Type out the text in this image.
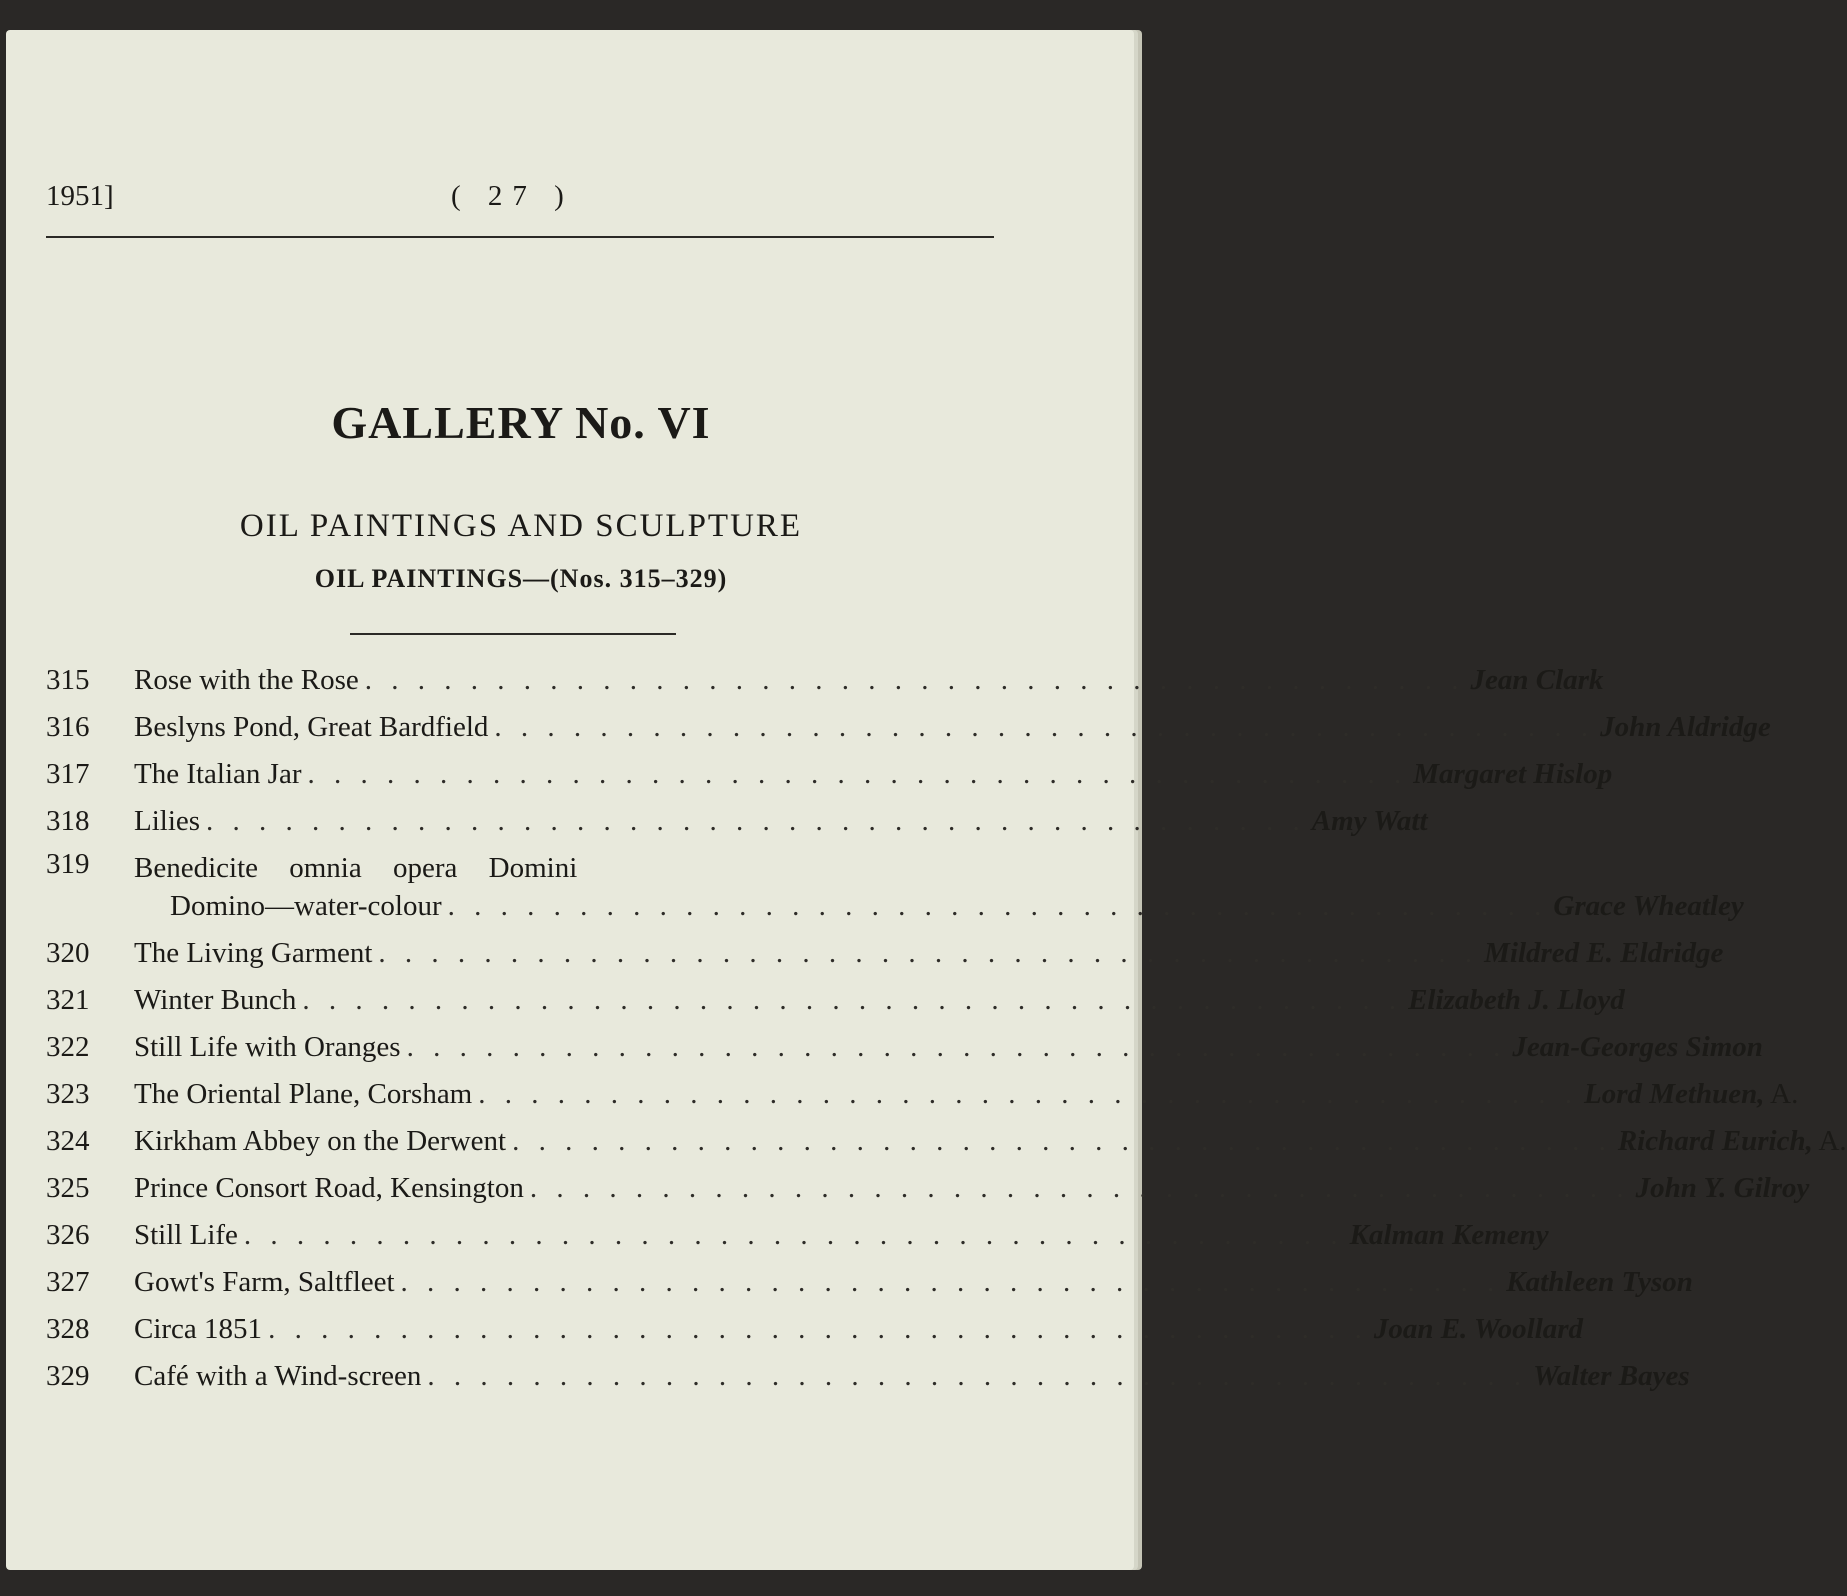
1951]	( 27 )
GALLERY No. VI
OIL PAINTINGS AND SCULPTURE
OIL PAINTINGS—(Nos. 315–329)
315	Rose with the Rose . . . . . . . . . . . . . . . . . . . . . . . . . . . . . . . . . . . . . . . . . . Jean Clark
316	Beslyns Pond, Great Bardfield . . . . . . . . . . . . . . . . . . . . . . . . . . . . . . . . . . . . . . . . . . John Aldridge
317	The Italian Jar . . . . . . . . . . . . . . . . . . . . . . . . . . . . . . . . . . . . . . . . . . Margaret Hislop
318	Lilies . . . . . . . . . . . . . . . . . . . . . . . . . . . . . . . . . . . . . . . . . . Amy Watt
319	Benedicite omnia opera Domini
Domino—water-colour . . . . . . . . . . . . . . . . . . . . . . . . . . . . . . . . . . . . . . . . . . Grace Wheatley
320	The Living Garment . . . . . . . . . . . . . . . . . . . . . . . . . . . . . . . . . . . . . . . . . . Mildred E. Eldridge
321	Winter Bunch . . . . . . . . . . . . . . . . . . . . . . . . . . . . . . . . . . . . . . . . . . Elizabeth J. Lloyd
322	Still Life with Oranges . . . . . . . . . . . . . . . . . . . . . . . . . . . . . . . . . . . . . . . . . . Jean-Georges Simon
323	The Oriental Plane, Corsham . . . . . . . . . . . . . . . . . . . . . . . . . . . . . . . . . . . . . . . . . . Lord Methuen, A.
324	Kirkham Abbey on the Derwent . . . . . . . . . . . . . . . . . . . . . . . . . . . . . . . . . . . . . . . . . . Richard Eurich, A.
325	Prince Consort Road, Kensington . . . . . . . . . . . . . . . . . . . . . . . . . . . . . . . . . . . . . . . . . . John Y. Gilroy
326	Still Life . . . . . . . . . . . . . . . . . . . . . . . . . . . . . . . . . . . . . . . . . . Kalman Kemeny
327	Gowt's Farm, Saltfleet . . . . . . . . . . . . . . . . . . . . . . . . . . . . . . . . . . . . . . . . . . Kathleen Tyson
328	Circa 1851 . . . . . . . . . . . . . . . . . . . . . . . . . . . . . . . . . . . . . . . . . . Joan E. Woollard
329	Café with a Wind-screen . . . . . . . . . . . . . . . . . . . . . . . . . . . . . . . . . . . . . . . . . . Walter Bayes
